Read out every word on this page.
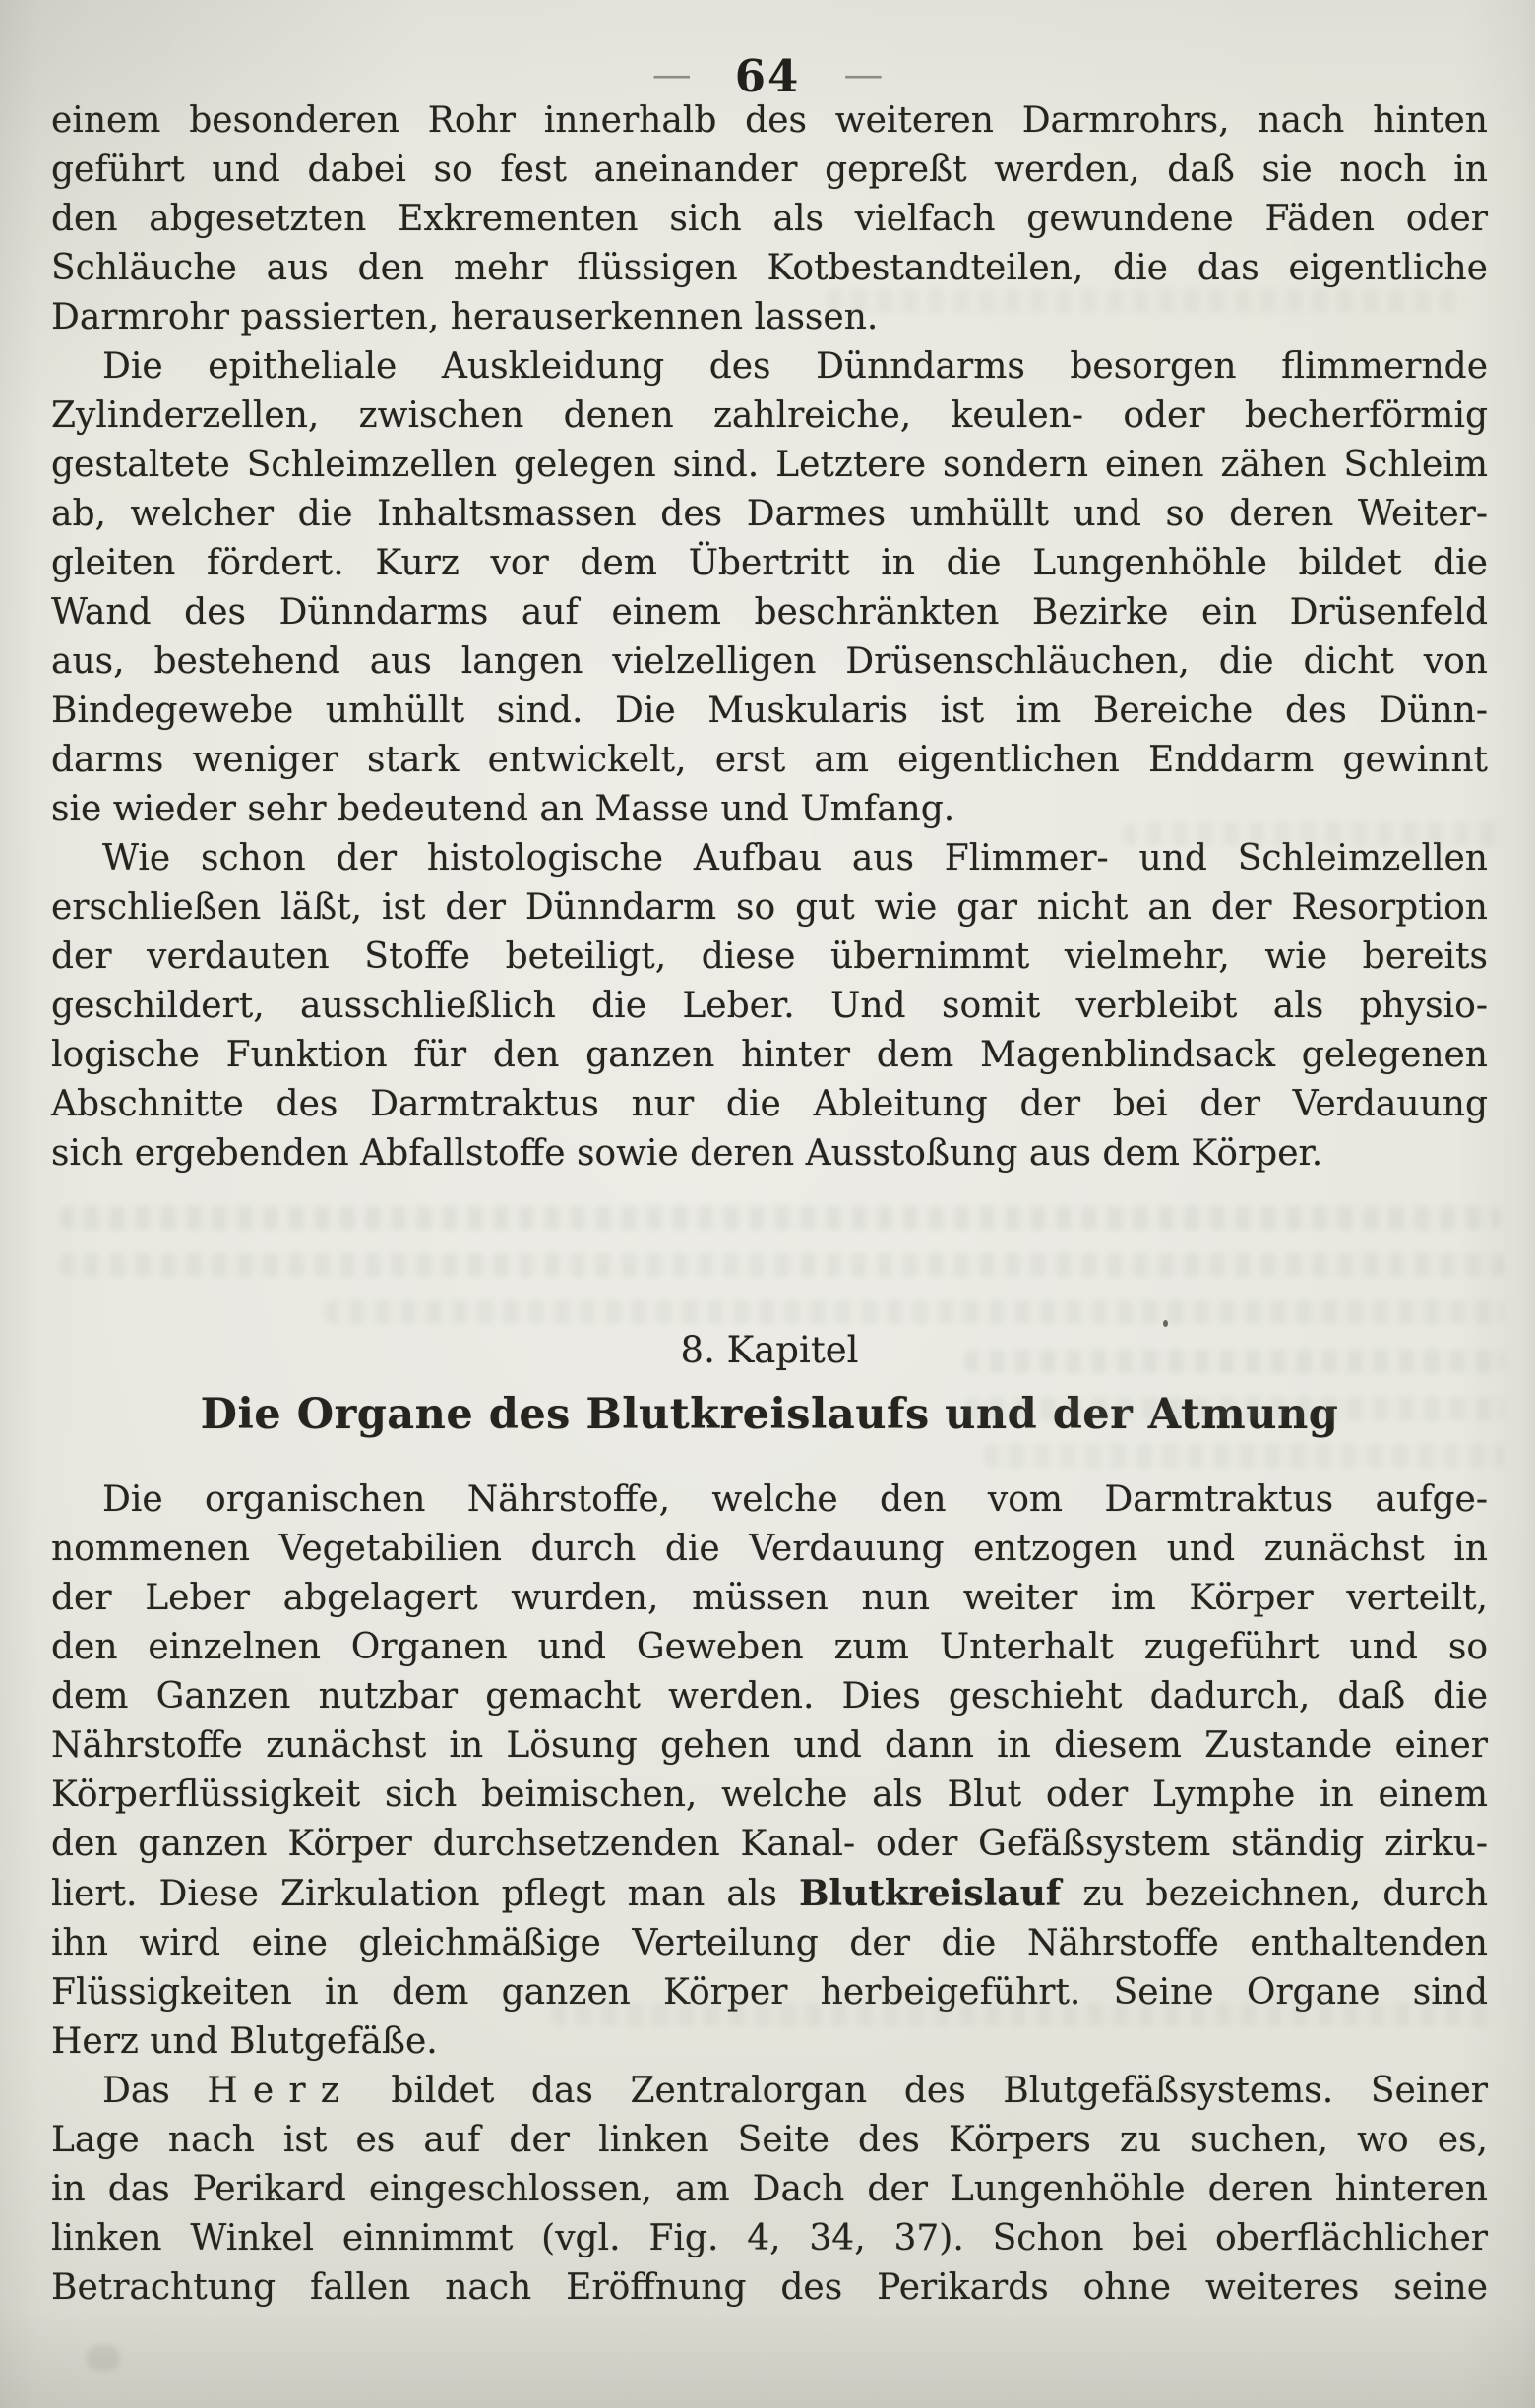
— 64 —
einem besonderen Rohr innerhalb des weiteren Darmrohrs, nach hinten
geführt und dabei so fest aneinander gepreßt werden, daß sie noch in
den abgesetzten Exkrementen sich als vielfach gewundene Fäden oder
Schläuche aus den mehr flüssigen Kotbestandteilen, die das eigentliche
Darmrohr passierten, herauserkennen lassen.
Die epitheliale Auskleidung des Dünndarms besorgen flimmernde
Zylinderzellen, zwischen denen zahlreiche, keulen- oder becherförmig
gestaltete Schleimzellen gelegen sind. Letztere sondern einen zähen Schleim
ab, welcher die Inhaltsmassen des Darmes umhüllt und so deren Weiter-
gleiten fördert. Kurz vor dem Übertritt in die Lungenhöhle bildet die
Wand des Dünndarms auf einem beschränkten Bezirke ein Drüsenfeld
aus, bestehend aus langen vielzelligen Drüsenschläuchen, die dicht von
Bindegewebe umhüllt sind. Die Muskularis ist im Bereiche des Dünn-
darms weniger stark entwickelt, erst am eigentlichen Enddarm gewinnt
sie wieder sehr bedeutend an Masse und Umfang.
Wie schon der histologische Aufbau aus Flimmer- und Schleimzellen
erschließen läßt, ist der Dünndarm so gut wie gar nicht an der Resorption
der verdauten Stoffe beteiligt, diese übernimmt vielmehr, wie bereits
geschildert, ausschließlich die Leber. Und somit verbleibt als physio-
logische Funktion für den ganzen hinter dem Magenblindsack gelegenen
Abschnitte des Darmtraktus nur die Ableitung der bei der Verdauung
sich ergebenden Abfallstoffe sowie deren Ausstoßung aus dem Körper.
8. Kapitel
Die Organe des Blutkreislaufs und der Atmung
Die organischen Nährstoffe, welche den vom Darmtraktus aufge-
nommenen Vegetabilien durch die Verdauung entzogen und zunächst in
der Leber abgelagert wurden, müssen nun weiter im Körper verteilt,
den einzelnen Organen und Geweben zum Unterhalt zugeführt und so
dem Ganzen nutzbar gemacht werden. Dies geschieht dadurch, daß die
Nährstoffe zunächst in Lösung gehen und dann in diesem Zustande einer
Körperflüssigkeit sich beimischen, welche als Blut oder Lymphe in einem
den ganzen Körper durchsetzenden Kanal- oder Gefäßsystem ständig zirku-
liert. Diese Zirkulation pflegt man als Blutkreislauf zu bezeichnen, durch
ihn wird eine gleichmäßige Verteilung der die Nährstoffe enthaltenden
Flüssigkeiten in dem ganzen Körper herbeigeführt. Seine Organe sind
Herz und Blutgefäße.
Das Herz bildet das Zentralorgan des Blutgefäßsystems. Seiner
Lage nach ist es auf der linken Seite des Körpers zu suchen, wo es,
in das Perikard eingeschlossen, am Dach der Lungenhöhle deren hinteren
linken Winkel einnimmt (vgl. Fig. 4, 34, 37). Schon bei oberflächlicher
Betrachtung fallen nach Eröffnung des Perikards ohne weiteres seine
